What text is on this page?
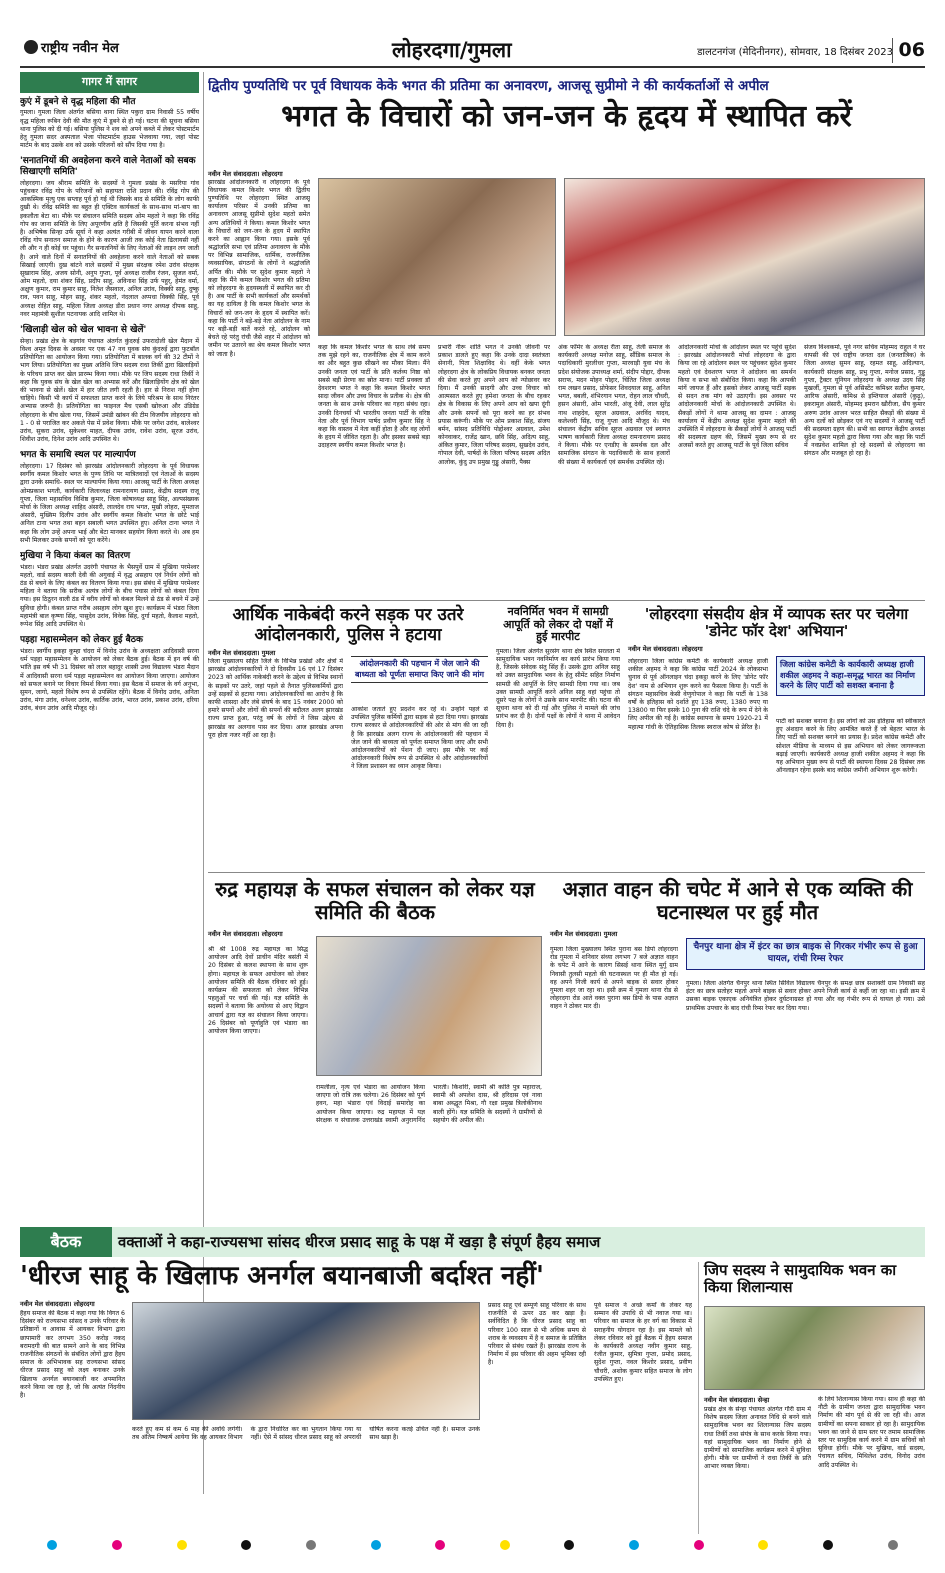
राष्ट्रीय नवीन मेल	लोहरदगा/गुमला	डालटनगंज (मेदिनीनगर), सोमवार, 18 दिसंबर 2023 06
गागर में सागर
कुएं में डूबने से वृद्ध महिला की मौत

गुमला। गुमला जिला अंतर्गत बसिया थाना स्थित पकुरा ग्राम निवासी 55 वर्षीय वृद्ध महिला रूबिन देवी की मौत कुएं में डूबने से हो गई। घटना की सूचना बसिया थाना पुलिस को दी गई। बसिया पुलिस ने शव को अपने कब्जे में लेकर पोस्टमार्टम हेतु गुमला सदर अस्पताल भेजा पोस्टमार्टम हाउस भेजवाया गया, जहां पोस्ट मार्टम के बाद उसके शव को उसके परिजनों को सौंप दिया गया है।

'सनातनियों की अवहेलना करने वाले नेताओं को सबक सिखाएगी समिति'

लोहरदगा। जय श्रीराम समिति के सदस्यों ने गुमला प्रखंड के मसरिया गांव पहुंचकर रविंद्र गोप के परिजनों को सहायता राशि प्रदान की। रविंद्र गोप की आकस्मिक मृत्यु एक सप्ताह पूर्व हो गई थी जिसके बाद से समिति के लोग काफी दुखी थे। रविंद्र समिति का बहुत ही एक्टिव कार्यकर्ता के साथ-साथ मां-बाप का इकलौता बेटा था। मौके पर संचालन समिति सदस्य ओम महतो ने कहा कि रविंद्र गोप का जाना समिति के लिए अपूरणीय क्षति है जिसकी पूर्ति करना संभव नहीं है। अभिषेक सिन्हा उर्फ सूर्या ने कहा अत्यंत गरीबी में जीवन यापन करने वाला रविंद्र गोप सनातन समाज के होने के कारण आजी तक कोई नेता ढिलायसी नहीं ली और न ही कोई घर पहुंचा। गैर सनातनियों के लिए नेताओं की लाइन लग जाती है। आने वाले दिनों में सनातनियों की अवहेलना करने वाले नेताओं को सबक सिखाई जाएगी। दुख बांटने वाले सदस्यों में मुख्य संरक्षक रमेश उरांव संरक्षक सुखाराम सिंह, अजय सोनी, अनुप गुप्ता, पूर्व अध्यक्ष राजीव रंजन, सुजल वर्मा, ओम महतो, दया शंकर सिंह, प्रदीप साहू, अविनाश सिंह उर्फ पहुर्, हेमंत वर्मा, अक्षुण कुमार, राम कुमार साहू, नितेश जैसवाल, अनिल उरांव, विक्की साहू, दुष्कु राव, पवन साहू, मोहन साहू, शंकर महतो, नंदलाल अप्पधा विक्की सिंह, पूर्व अध्यक्ष रोहित साहू, महिला जिला अध्यक्ष डीरा प्रधान नगर अध्यक्ष दीपक साहू, नवर महामंत्री सुशील पटनायक आदि शामिल थे।

'खिलाड़ी खेल को खेल भावना से खेलें'

सेन्हा। प्रखंड क्षेत्र के बड़गांव पंचायत अंतर्गत कुंदरुई उफरादोली खेल मैदान में विश्व अमृत दिवस के अवसर पर एक 47 नव युवक संघ कुंदरुई द्वारा फुटबॉल प्रतियोगिता का आयोजन किया गया। प्रतियोगिता में बालक वर्ग की 32 टीमों ने भाग लिया। प्रतियोगिता का मुख्य अतिथि जिप सदस्य राधा तिर्की द्वारा खिलाड़ियों के परिचय प्राप्त कर खेल प्रारम्भ किया गया। मौके पर जिप सदस्य राधा तिर्की ने कहा कि युवक संघ के खेल खेल का अभ्यास करें और खिलाड़ियोंग क्षेत्र को खेल की भावना से खेलें। खेल में हार जीत लगी रहती है। हार से निराश नहीं होना चाहिये। किसी भी कार्य में सफलता प्राप्त करने के लिये परिश्रम के साथ निरंतर अभ्यास जरूरी है। प्रतियोगिता का फाइनल मैच एसबी खोरुआ और उंडिग्रेड लोहरदगा के बीच खेला गया, जिसमें उमंडी खांबन की टीम विजयीय लोहरदगा को 1 - 0 से पराजित कर अकले पेस में प्रवेश किया। मौके पर जगेश उरांव, बालेश्वर उरांव, सुकरा उरांव, सुकेश्वर माहत, दीपक उरांव, रावेश उरांव, सूरज उरांव, शिवीश उरांव, दिनेश उरांव आदि उपस्थित थे।

भगत के समाधि स्थल पर माल्यार्पण

लोहरदगा। 17 दिसंबर को झारखंड आंदोलनकारी लोहरदगा के पूर्व विधायक स्वर्गीय कमल किशोर भगत के पुण्य तिथि पर मात्रितवादों एवं नेताओं के सदस्य द्वारा उनके समाधि- स्थल पर माल्यार्पण किया गया। आजसू पार्टी के जिला अध्यक्ष ओमप्रकाश भगती, कार्यकारी जिलाध्यक्ष रामनारायण प्रसाद, केंद्रीय सदस्य राजू गुप्ता, जिला महासचिव विशिष्ठ कुमार, जिला कोषाध्यक्ष साहू सिंह, अल्पसंख्यक मोर्चा के जिला अध्यक्ष शाहिद अंसारी, लालदेव राय भगत, मुखी लोहरा, मुमताज अंसारी, मुख्यिम दिलीप उरांव और स्वर्गीय कमल किशोर भगत के छोटे भाई अनिल टाना भगत तथा बहन सबाली भगत उपस्थित हुए। अनिल टाना भगत ने कहा कि लोग उन्हें अपना भाई और बेटा मानकर सहयोग किया करते थे। अब हम सभी मिलकर उनके सपनों को पूरा करेंगे।

मुखिया ने किया कंबल का वितरण

भंडरा। भंडरा प्रखंड अंतर्गत उदरंगी पंचायत के भैसपुर्वे ग्राम में मुखिया परमेश्वर महतो, वार्ड सदस्य काली देवी की अगुवाई में वृद्ध असहाय एवं निर्धन लोगों को ठंड से बचने के लिए कंबल का वितरण किया गया। इस संबंध में मुखिया परमेश्वर महिला ने बताया कि सरीक अत्यंत्र लोगों के बीच पचास लोगों को कंबल दिया गया। इस ठिठुरन वाली ठंड में वरीय लोगों को कंबल मिलने से ठंड से बचने में उन्हें सुविधा होगी। कंबल प्राप्त गरीब असहाय लोग खुश हुए। कार्यक्रम में भंडरा जिला महामंत्री बाल कृष्णा सिंह, पासुदेव उरांव, विवेक सिंह, दुर्गा महतो, कैलाश महतो, रूपेश सिंह आदि उपस्थित थे।

पड़हा महासम्मेलन को लेकर हुई बैठक

भंडरा। स्वर्गीय इकहा कुम्हा चंदरा में विनोद उरांव के अध्यक्षता आदिवासी सरना धर्म पड़हा महासम्मेलन के आयोजन को लेकर बैठक हुई। बैठक में इन वर्ष की भांति इस वर्ष भी 31 दिसंबर को लाल बहादुर शास्त्री उच्च विद्यालय भंडरा मैदान में आदिवासी सरना धर्म पड़हा महासम्मेलन का आयोजन किया जाएगा। आयोजन को सफल बनाने पर विचार विमर्श किया गया। इस बैठक में समाज के वर्ग अनुभा, सुमन, जागो, महतो विशेष रूप से उपस्थित रहेंगे। बैठक में विनोद उरांव, अनिता उरांव, मंगा उरांव, धनेश्वर उरांव, कार्तिक उरांव, भारत उरांव, प्रकाश उरांव, दरिया उरांव, बंधन उरांव आदि मौजूद रहे।

द्वितीय पुण्यतिथि पर पूर्व विधायक केके भगत की प्रतिमा का अनावरण, आजसू सुप्रीमो ने की कार्यकर्ताओं से अपील
भगत के विचारों को जन-जन के हृदय में स्थापित करें
नवीन मेल संवाददाता। लोहरदगा
झारखंड आंदोलनकारी व लोहरदगा के पूर्व विधायक कमल किशोर भगत की द्वितीय पुण्यतिथि पर लोहरदगा स्थित आजसू कार्यालय परिसर में उनकी प्रतिमा का अनावरण आजसू सुप्रीमो सुदेश महतो समेत अन्य अतिथियों ने किया। कमल किशोर भगत के विचारों को जन-जन के हृदय में स्थापित करने का आह्वान किया गया। इसके पूर्व श्रद्धांजलि सभा एवं प्रतिमा अनावरण के मौके पर विभिन्न सामाजिक, धार्मिक, राजनीतिक व्यवसायिक, संगठनों के लोगों ने श्रद्धांजलि अर्पित की। मौके पर सुदेश कुमार महतो ने कहा कि मैंने कमल किशोर भगत की प्रतिमा को लोहरदगा के हृदयस्थली में स्थापित कर दी है। अब पार्टी के सभी कार्यकर्ता और समर्थकों का यह दायित्व है कि कमल किशोर भगत के विचारों को जन-जन के हृदय में स्थापित करें। कहा कि पार्टी ने बड़े-बड़े नेता आंदोलन के नाम पर बड़ी-बड़ी बातें करते रहे, आंदोलन को बेचते रहे परंतु रांची जैसे शहर में आंदोलन को जमीन पर उतारने का श्रेय कमल किशोर भगत को जाता है।
कहा कि कमल किशोर भगत के साथ लंबे समय तक मुझे रहने का, राजनीतिक क्षेत्र में काम करने का और बहुत कुछ सीखने का मौका मिला। मैंने उनकी जनता एवं पार्टी के प्रति कर्तव्य निष्ठा को सबसे बड़ी प्रेरणा का स्रोत माना। पार्टी प्रवक्ता डॉ देवशरण भगत ने कहा कि कमल किशोर भगत सादा जीवन और उच्च विचार के प्रतीक थे। क्षेत्र की जनता के साथ उनके परिवार का गहरा संबंध रहा। उनकी दिनचर्या भी भारतीय जनता पार्टी के वरिष्ठ नेता और पूर्व विभाग पार्षद प्रवीण कुमार सिंह ने कहा कि वास्तव में नेता कहीं होता है और वह लोगों के हृदय में जीवित रहता है। और इसका सबसे बड़ा उदाहरण स्वर्गीय कमल किशोर भगत है।
प्रभारी नीरू शांति भगत ने उनकी जीवनी पर प्रकाश डालते हुए कहा कि उनके दादा स्वतंत्रता सेनानी, पिता शिक्षाविद थे। वहीं केके भगत लोहरदगा क्षेत्र के लोकप्रिय विधायक बनकर जनता की सेवा करते हुए अपने आप को न्योछावर कर दिया। मैं उनकी सादगी और उच्च विचार को आत्मसात करते हुए हमेशा जनता के बीच रहकर क्षेत्र के विकास के लिए अपने आप को खपा दूंगी और उनके सपनों को पूरा करने का हर संभव प्रयास करूंगी। मौके पर ओम प्रकाश सिंह, संजय बर्मन, सांसद प्रतिनिधि पोद्दोश्वर अग्रवाल, उमेश कोनवाकर, राजेंद्र खान, छवि सिंह, अदित्य साहू, अंकित कुमार, जिला परिषद सदस्य, सुखदेव उरांव, गोपाल देवी, पार्षदों के जिला परिषद सदस्य अदित आलोक, कुंदु उप प्रमुख गुड्डु अंसारी, पैक्स
अंक फॉर्मर के अध्यक्ष रीता साहू, तेली समाज के कार्यकारी अध्यक्ष मनोज साहू, सौंडिक समाज के पदाधिकारी मुरलीधर गुप्ता, मारवाड़ी युवा मंच के प्रदेश संयोजक उपाध्यक्ष शर्मा, संदीप पोद्दार, दीपक सराफ, मदन मोहन पोद्दार, चिंतित जिला अध्यक्ष राम लखन प्रसाद, प्रोफेसर शिवदयाल साहू, अनिल भगत, बबली, शंभिरगान भगत, रोहन लाल चौधरी, हसन अंसारी, ओम भारती, अंजू देवी, लाल सुरेंद्र नाथ शाहदेव, सूरज अग्रवाल, अरविंद यादव, कलेश्वरी सिंह, राजू गुप्ता आदि मौजूद थे। मंच संचालन केंद्रीय सचिव सूरज अग्रवाल एवं स्वागत भाषण कार्यकारी जिला अध्यक्ष रामनारायण प्रसाद ने किया। मौके पर एनडीए के समर्थक दल और सामाजिक संगठन के पदाधिकारी के साथ हजारों की संख्या में कार्यकर्ता एवं समर्थक उपस्थित रहे।
आंदोलनकारी मोर्चा के आंदोलन स्थल पर पहुंचे सुदेश : झारखंड आंदोलनकारी मोर्चा लोहरदगा के द्वारा किया जा रहे आंदोलन स्थल पर पहुंचकर सुदेश कुमार महतो एवं देवशरण भगत ने आंदोलन का समर्थन किया व सभा को संबोधित किया। कहा कि आपकी मांगें जायज हैं और इसको लेकर आजसू पार्टी सड़क से सदन तक मांग को उठाएगी। इस अवसर पर आंदोलनकारी मोर्चा के आंदोलनकारी उपस्थित थे। सैकड़ों लोगों ने थामा आजसू का दामन : आजसू कार्यालय में केंद्रीय अध्यक्ष सुदेश कुमार महतो की उपस्थिति में लोहरदगा के सैकड़ों लोगों ने आजसू पार्टी की सदस्यता ग्रहण की, जिसमें मुख्य रूप से धर अजसों करते हुए आजसू पार्टी के पूर्व जिला सचिव
संजय विश्वकर्मा, पूर्व नगर सचिव मोहम्मद राहुल ने घर वापसी की एवं राष्ट्रीय जनता दल (जनतांत्रिक) के जिला अध्यक्ष सुमन साहू, रहमत साहू, अदिल्यान, कार्यकारी संरक्षक साहू, प्रभु गुप्ता, मनोज प्रसाद, गुड्डू गुप्ता, ट्रैक्टर यूनियन लोहरदगा के अध्यक्ष उदय सिंह मुखर्जी, गुमला से पूर्व असिस्टेंट कमिश्नर सतीश कुमार, आरिफ अंसारी, कमिश्न से इम्तियाज अंसारी (कुढ़ू), इकरामुल अंसारी, मोहम्मद इमरान खौरीजा, सैय कुमार अरुण उरांव आजन भरत साहित सैकड़ों की संख्या में अन्य दलों को छोड़कर एवं नए सदस्यों ने आजसू पार्टी की सदस्यता ग्रहण की। सभी का स्वागत केंद्रीय अध्यक्ष सुदेश कुमार महतो द्वारा किया गया और कहा कि पार्टी में नवप्रवेश शामिल हो रहे सदस्यों से लोहरदगा का संगठन और मजबूत हो रहा है।
आर्थिक नाकेबंदी करने सड़क पर उतरे आंदोलनकारी, पुलिस ने हटाया
नवीन मेल संवाददाता। गुमला
जिला मुख्यालय सहित जिले के विभिन्न प्रखंडों और क्षेत्रों में झारखंड आंदोलनकारियों ने दो दिवसीय 16 एवं 17 दिसंबर 2023 को आर्थिक नाकेबंदी करने के उद्देश्य से विभिन्न स्थानों के सड़कों पर उतरे, जहां पहले से तैनात पुलिसकर्मियों द्वारा उन्हें सड़कों से हटाया गया। आंदोलनकारियों का आरोप है कि काफी शासदा और लंबे संघर्ष के बाद 15 नवंबर 2000 को हमारे सपनों और लोगों की सपनों की बदौलत अलग झारखंड राज्य प्राप्त हुआ, परंतु वर्ष के लोगों ने जिस उद्देश्य से झारखंड का अलगाव पास कर दिया। आज झारखंड अपना पूरा होता नजर नहीं आ रहा है।
आंदोलनकारी की पहचान में जेल जाने की बाध्यता को पूर्णतः समाप्त किए जाने की मांग
आकोश जताते हुए प्रदर्शन कर रहे थे। उन्होंने पहले से उपस्थित पुलिस कर्मियों द्वारा सड़क से हटा दिया गया। झारखंड राज्य सरकार से आंदोलनकारियों की ओर से मांग की जा रही है कि झारखंड अलग राज्य के आंदोलनकारी की पहचान में जेल जाने की बाध्यता को पूर्णतः समाप्त किया जाए और सभी आंदोलनकारियों को पेंशन दी जाए। इस मौके पर कई आंदोलनकारी विशेष रूप से उपस्थित थे और आंदोलनकारियों ने जिला प्रशासन का ध्यान आकृष्ट किया।
नवनिर्मित भवन में सामग्री आपूर्ति को लेकर दो पक्षों में हुई मारपीट
गुमला। जिला अंतर्गत सुरसंग थाना क्षेत्र स्थित सरलता में सामुदायिक भवन नवनिर्माण का कार्य प्रारंभ किया गया है, जिसके संवेदक संतु सिंह हैं। उसके द्वारा अनिल साहू को उक्त सामुदायिक भवन के हेतु सीमेंट सहित निर्माण सामग्री की आपूर्ति के लिए सामग्री दिया गया था। जब उक्त सामग्री आपूर्ति करने अनिल साहू वहां पहुंचा तो दूसरे पक्ष के लोगों ने उसके साथ मारपीट की। घटना की सूचना थाना को दी गई और पुलिस ने मामले की जांच प्रारंभ कर दी है। दोनों पक्षों के लोगों ने थाना में आवेदन दिया है।
'लोहरदगा संसदीय क्षेत्र में व्यापक स्तर पर चलेगा 'डोनेट फॉर देश' अभियान'
नवीन मेल संवाददाता। लोहरदगा
लोहरदगा जिला कांग्रेस कमेटी के कार्यकारी अध्यक्ष हाजी शकील अहमद ने कहा कि कांग्रेस पार्टी 2024 के लोकसभा चुनाव से पूर्व ऑनलाइन चंदा इकट्ठा करने के लिए 'डोनेट फॉर देश' नाम से अभियान शुरू करने का फैसला किया है। पार्टी के संगठन महासचिव केसी वेणुगोपाल ने कहा कि पार्टी के 138 वर्षों के इतिहास को दर्शाते हुए 138 रुपए, 1380 रुपए या 13800 या फिर इसके 10 गुना की राशि चंदे के रूप में देने के लिए अपील की गई है। कांग्रेस स्थापना के समय 1920-21 में महात्मा गांधी के ऐतिहासिक तिलक स्वराज कोष से प्रेरित है।
जिला कांग्रेस कमेटी के कार्यकारी अध्यक्ष हाजी शकील अहमद ने कहा-समृद्ध भारत का निर्माण करने के लिए पार्टी को सशक्त बनाना है
पार्टी को सशक्त बनाना है। इस लोगों को उस इतिहास को स्वीकारते हुए अंशदान करने के लिए आमंत्रित करते हैं जो बेहतर भारत के लिए पार्टी को सशक्त बनाने का प्रयास है। प्रदेश कांग्रेस कमेटी और सोशल मीडिया के माध्यम से इस अभियान को लेकर जागरूकता बढ़ाई जाएगी। कार्यकारी अध्यक्ष हाजी शकील अहमद ने कहा कि यह अभियान मुख्य रूप से पार्टी की स्थापना दिवस 28 दिसंबर तक ऑनलाइन रहेगा इसके बाद कांग्रेस जमीनी अभियान शुरू करेगी।
रुद्र महायज्ञ के सफल संचालन को लेकर यज्ञ समिति की बैठक
नवीन मेल संवाददाता। लोहरदगा
श्री श्री 1008 रुद्र महायज्ञ का सिद्ध आयोजन आदि देवों प्राचीन मंदिर बसंती में 20 दिसंबर से कलश स्थापना के साथ शुरू होगा। महायज्ञ के सफल आयोजन को लेकर आयोजन समिति की बैठक रविवार को हुई। कार्यक्रम की सफलता को लेकर विभिन्न पहलुओं पर चर्चा की गई। यज्ञ समिति के सदस्यों ने बताया कि अयोध्या से आए विद्वान आचार्य द्वारा यज्ञ का संचालन किया जाएगा। 26 दिसंबर को पूर्णाहुति एवं भंडारा का आयोजन किया जाएगा।
रामलीला, नृत्य एवं भंडारा का आयोजन किया जाएगा जो रात्रि तक चलेगा। 26 दिसंबर को पूर्ण हवन, महा भंडारा एवं विदाई समारोह का आयोजन किया जाएगा। रुद्र महायज्ञ में यज्ञ संरक्षक व संचालक उत्तराखंड स्वामी अनुरागनिंद भारती। किशोरी, स्वामी श्री कांति पुत्र महाराज, स्वामी श्री अपलेश दास, श्री हरिदास एवं नावा बाबा अब्द्धूत मिश्रा, गौ रक्षा प्रमुख त्रिलोकीनाथ बाली होंगे। यज्ञ समिति के सदस्यों ने ग्रामीणों से सहयोग की अपील की।
अज्ञात वाहन की चपेट में आने से एक व्यक्ति की घटनास्थल पर हुई मौत
नवीन मेल संवाददाता। गुमला
गुमला जिला मुख्यालय स्थित पुराना बस डिपो लोहरदगा रोड गुमला में शनिवार संध्या लगभग 7 बजे अज्ञात वाहन के चपेट में आने के कारण सिसई थाना स्थित मुर्गु ग्राम निवासी तुलसी महतो की घटनास्थल पर ही मौत हो गई। वह अपने निजी कार्य से अपने बाइक से सवार होकर गुमला शहर जा रहा था। इसी क्रम में गुमला थाना रोड से लोहरदगा रोड आते वक्त पुराना बस डिपो के पास अज्ञात वाहन ने ठोकर मार दी।
चैनपुर थाना क्षेत्र में इंटर का छात्र बाइक से गिरकर गंभीर रूप से हुआ घायल, रांची रिम्स रेफर
गुमला। जिला अंतर्गत चैनपुर थाना स्थित सिविल विद्यालय चैनपुर के समक्ष छात्र सशाक्ती ग्राम निवासी सह इंटर का छात्र सतोहर महतो अपने बाइक से सवार होकर अपने निजी कार्य से कहीं जा रहा था। इसी क्रम में उसका बाइक एकाएक अनियंत्रित होकर दुर्घटनाग्रस्त हो गया और वह गंभीर रूप से घायल हो गया। उसे प्राथमिक उपचार के बाद रांची रिम्स रेफर कर दिया गया।
बैठक	वक्ताओं ने कहा-राज्यसभा सांसद धीरज प्रसाद साहू के पक्ष में खड़ा है संपूर्ण हैहय समाज
'धीरज साहू के खिलाफ अनर्गल बयानबाजी बर्दाश्त नहीं'
नवीन मेल संवाददाता। लोहरदगा
हैहय समाज की बैठक में कहा गया कि विगत 6 दिसंबर को राज्यसभा सांसद व उनके परिवार के प्रतिष्ठानों व आवास में आयकर विभाग द्वारा छापामारी कर लगभग 350 करोड़ नकद बरामदगी की बात सामने आने के बाद विभिन्न राजनीतिक संगठनों के संबंधित लोगों द्वारा हैहय समाज के अभिभावक सह राज्यसभा सांसद धीरज प्रसाद साहू को लक्ष्य बनाकर उनके खिलाफ अनर्गल बयानबाजी कर अपमानित करने किया जा रहा है, जो कि अत्यंत निंदनीय है।
करते हुए कम से कम 6 माह की अवधि लगेगी। तब अंतिम निष्कर्ष आयेगा कि वह आयकर विभाग के द्वारा निर्धारित कर का भुगतान किया गया या नहीं। ऐसे में सांसद धीरज प्रसाद साहू को अपराधी घोषित करना कतई उचित नहीं है। समाज उनके साथ खड़ा है।
प्रसाद साहू एवं सम्पूर्ण साहू परिवार के साथ राजनीति से ऊपर उठ कर खड़ा है। सर्वविदित है कि धीरज प्रसाद साहू का परिवार 100 साल से भी अधिक समय से शराब के व्यवसाय में है व समाज के प्रतिष्ठित परिवार से संबंध रखते हैं। झारखंड राज्य के निर्माण में इस परिवार की अहम भूमिका रही है।
पूर्व समाज ने अच्छे कर्मों के लेकर यह सम्मान की उपाधि से भी नवाज गया था। परिवार का समाज के हर वर्ग का विकास में सराहनीय योगदान रहा है। इस मामले को लेकर रविवार को हुई बैठक में हैहय समाज के कार्यकारी अध्यक्ष नवीन कुमार साहू, रंजीत कुमार, सुमित्रा गुप्ता, प्रमोद प्रसाद, सुदेश गुप्ता, नवल किशोर प्रसाद, प्रवीण चौधरी, अशोक कुमार सहित समाज के लोग उपस्थित हुए।
जिप सदस्य ने सामुदायिक भवन का किया शिलान्यास
नवीन मेल संवाददाता। सेन्हा
प्रखंड क्षेत्र के सेन्हा पंचायत अंतर्गत गौरी ग्राम में विशेष सदस्य जिला अनावत निधि से बनने वाले सामुदायिक भवन का शिलान्यास जिप सदस्य राधा तिर्की तथा संयंत्र के साथ करके किया गया। यहां सामुदायिक भवन का निर्माण होने से ग्रामीणों को सामाजिक कार्यक्रम करने में सुविधा होगी। मौके पर ग्रामीणों ने राधा तिर्की के प्रति आभार व्यक्त किया।
के लिये शिलान्यास किया गया। साथ ही कहा की नौटी के ग्रामीण जनता द्वारा सामुदायिक भवन निर्माण की मांग पूर्व से की जा रही थी। आज ग्रामीणों का सपना साकार हो रहा है। सामुदायिक भवन का जाने से ग्राम स्तर पर तमाम सामाजिक स्तर पर सामुदिक कार्य करने में ग्राम सचिवों को सुविधा होगी। मौके पर मुखिया, वार्ड सदस्य, पंचायत सचिव, मिथिलेश उरांव, विनोद उरांव आदि उपस्थित थे।
